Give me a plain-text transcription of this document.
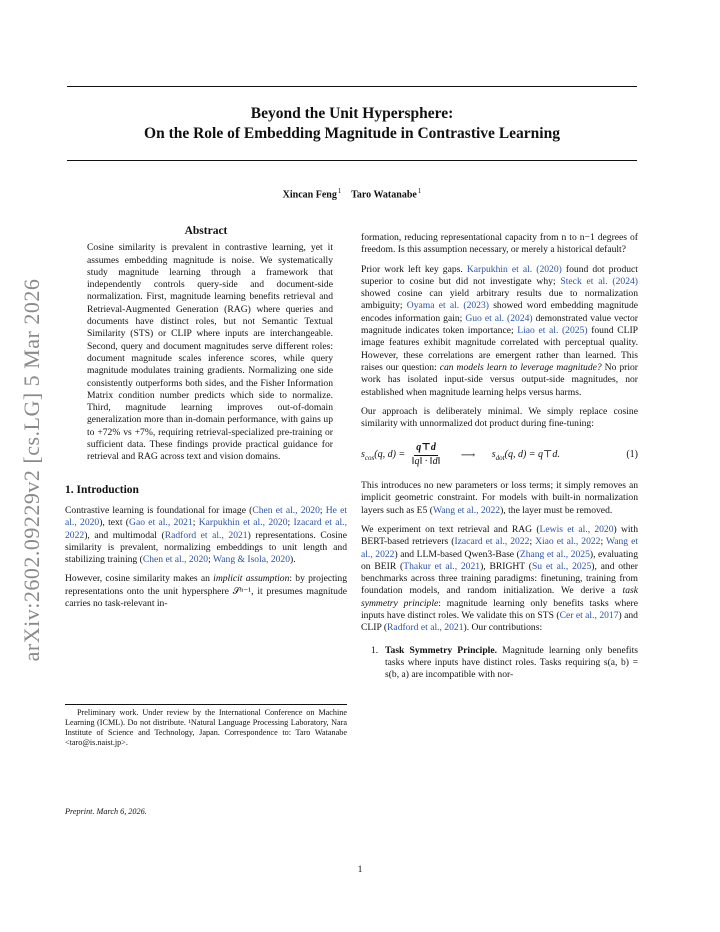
Beyond the Unit Hypersphere:
On the Role of Embedding Magnitude in Contrastive Learning
Xincan Feng$^1$ Taro Watanabe$^1$
arXiv:2602.09229v2 [cs.LG] 5 Mar 2026
Abstract
Cosine similarity is prevalent in contrastive learning, yet it assumes embedding magnitude is noise. We systematically study magnitude learning through a framework that independently controls query-side and document-side normalization. First, magnitude learning benefits retrieval and Retrieval-Augmented Generation (RAG) where queries and documents have distinct roles, but not Semantic Textual Similarity (STS) or CLIP where inputs are interchangeable. Second, query and document magnitudes serve different roles: document magnitude scales inference scores, while query magnitude modulates training gradients. Normalizing one side consistently outperforms both sides, and the Fisher Information Matrix condition number predicts which side to normalize. Third, magnitude learning improves out-of-domain generalization more than in-domain performance, with gains up to +72% vs +7%, requiring retrieval-specialized pre-training or sufficient data. These findings provide practical guidance for retrieval and RAG across text and vision domains.
1. Introduction

Contrastive learning is foundational for image (Chen et al., 2020; He et al., 2020), text (Gao et al., 2021; Karpukhin et al., 2020; Izacard et al., 2022), and multimodal (Radford et al., 2021) representations. Cosine similarity is prevalent, normalizing embeddings to unit length and stabilizing training (Chen et al., 2020; Wang & Isola, 2020).

However, cosine similarity makes an implicit assumption: by projecting representations onto the unit hypersphere 𝒮ⁿ⁻¹, it presumes magnitude carries no task-relevant in-

Preliminary work. Under review by the International Conference on Machine Learning (ICML). Do not distribute. ¹Natural Language Processing Laboratory, Nara Institute of Science and Technology, Japan. Correspondence to: Taro Watanabe <taro@is.naist.jp>.
Preprint. March 6, 2026.

formation, reducing representational capacity from n to n−1 degrees of freedom. Is this assumption necessary, or merely a historical default?

Prior work left key gaps. Karpukhin et al. (2020) found dot product superior to cosine but did not investigate why; Steck et al. (2024) showed cosine can yield arbitrary results due to normalization ambiguity; Oyama et al. (2023) showed word embedding magnitude encodes information gain; Guo et al. (2024) demonstrated value vector magnitude indicates token importance; Liao et al. (2025) found CLIP image features exhibit magnitude correlated with perceptual quality. However, these correlations are emergent rather than learned. This raises our question: can models learn to leverage magnitude? No prior work has isolated input-side versus output-side magnitudes, nor established when magnitude learning helps versus harms.

Our approach is deliberately minimal. We simply replace cosine similarity with unnormalized dot product during fine-tuning:

$s_{cos}(q$, $d) = \frac{q⊤d}{‖q‖ \cdot ‖d‖}$ ⟶ $s_{dot}(q$, d) = q⊤d.	(1)

This introduces no new parameters or loss terms; it simply removes an implicit geometric constraint. For models with built-in normalization layers such as E5 (Wang et al., 2022), the layer must be removed.

We experiment on text retrieval and RAG (Lewis et al., 2020) with BERT-based retrievers (Izacard et al., 2022; Xiao et al., 2022; Wang et al., 2022) and LLM-based Qwen3-Base (Zhang et al., 2025), evaluating on BEIR (Thakur et al., 2021), BRIGHT (Su et al., 2025), and other benchmarks across three training paradigms: finetuning, training from foundation models, and random initialization. We derive a task symmetry principle: magnitude learning only benefits tasks where inputs have distinct roles. We validate this on STS (Cer et al., 2017) and CLIP (Radford et al., 2021). Our contributions:

1. Task Symmetry Principle. Magnitude learning only benefits tasks where inputs have distinct roles. Tasks requiring s(a, b) = s(b, a) are incompatible with nor-
1
